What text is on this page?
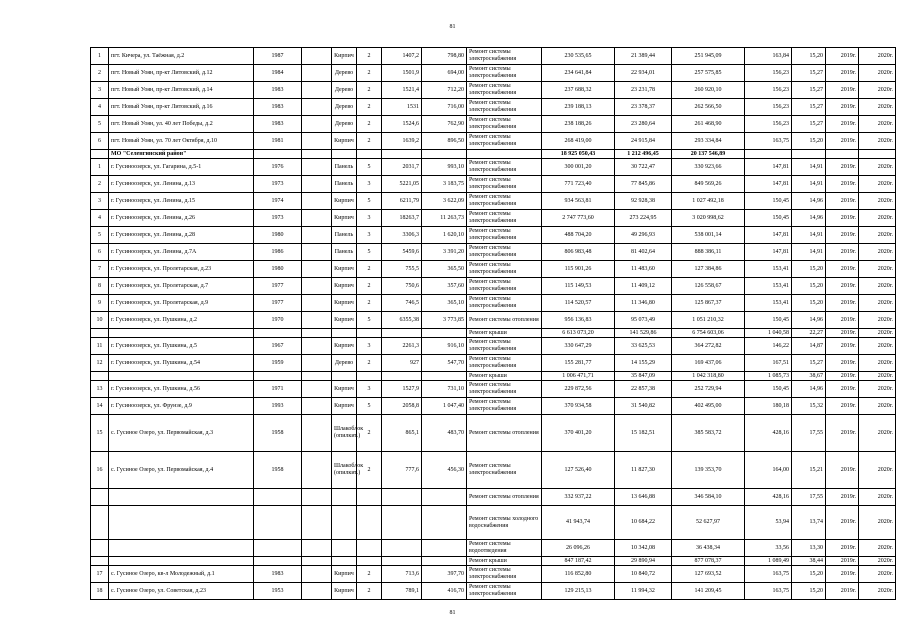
81
1	пгт. Кичера, ул. Таёжная, д.2	1987		Кирпич	2	1407,2	798,80	Ремонт системы электроснабжения	230 535,65	21 389,44	251 945,09	163,84	15,20	2019г.	2020г.
2	пгт. Новый Уоян, пр-кт Литовский, д.12	1984		Дерево	2	1501,9	694,00	Ремонт системы электроснабжения	234 641,84	22 934,01	257 575,85	156,23	15,27	2019г.	2020г.
3	пгт. Новый Уоян, пр-кт Литовский, д.14	1983		Дерево	2	1521,4	712,20	Ремонт системы электроснабжения	237 688,32	23 231,78	260 920,10	156,23	15,27	2019г.	2020г.
4	пгт. Новый Уоян, пр-кт Литовский, д.16	1983		Дерево	2	1531	716,00	Ремонт системы электроснабжения	239 188,13	23 378,37	262 566,50	156,23	15,27	2019г.	2020г.
5	пгт. Новый Уоян, ул. 40 лет Победы, д.2	1983		Дерево	2	1524,6	762,90	Ремонт системы электроснабжения	238 188,26	23 280,64	261 468,90	156,23	15,27	2019г.	2020г.
6	пгт. Новый Уоян, ул. 70 лет Октября, д.10	1981		Кирпич	2	1639,2	896,50	Ремонт системы электроснабжения	268 419,00	24 915,84	293 334,84	163,75	15,20	2019г.	2020г.
	МО "Селенгинский район"								18 925 050,43	1 212 496,45	20 137 546,89				
1	г. Гусиноозерск, ул. Гагарина, д.5-1	1976		Панель	5	2031,7	993,10	Ремонт системы электроснабжения	300 001,20	30 722,47	330 923,66	147,81	14,91	2019г.	2020г.
2	г. Гусиноозерск, ул. Ленина, д.13	1973		Панель	3	5221,05	3 183,75	Ремонт системы электроснабжения	771 723,40	77 845,86	849 569,26	147,81	14,91	2019г.	2020г.
3	г. Гусиноозерск, ул. Ленина, д.15	1974		Кирпич	5	6211,79	3 622,09	Ремонт системы электроснабжения	934 563,81	92 928,38	1 027 492,18	150,45	14,96	2019г.	2020г.
4	г. Гусиноозерск, ул. Ленина, д.26	1973		Кирпич	3	18263,7	11 263,73	Ремонт системы электроснабжения	2 747 773,60	273 224,95	3 020 998,62	150,45	14,96	2019г.	2020г.
5	г. Гусиноозерск, ул. Ленина, д.28	1980		Панель	3	3306,3	1 620,10	Ремонт системы электроснабжения	488 704,20	49 296,93	538 001,14	147,81	14,91	2019г.	2020г.
6	г. Гусиноозерск, ул. Ленина, д.7А	1986		Панель	5	5459,6	3 391,20	Ремонт системы электроснабжения	806 983,48	81 402,64	888 386,11	147,81	14,91	2019г.	2020г.
7	г. Гусиноозерск, ул. Пролетарская, д.23	1980		Кирпич	2	755,5	365,50	Ремонт системы электроснабжения	115 901,26	11 483,60	127 384,86	153,41	15,20	2019г.	2020г.
8	г. Гусиноозерск, ул. Пролетарская, д.7	1977		Кирпич	2	750,6	357,60	Ремонт системы электроснабжения	115 149,53	11 409,12	126 558,67	153,41	15,20	2019г.	2020г.
9	г. Гусиноозерск, ул. Пролетарская, д.9	1977		Кирпич	2	746,5	365,10	Ремонт системы электроснабжения	114 520,57	11 346,80	125 867,37	153,41	15,20	2019г.	2020г.
10	г. Гусиноозерск, ул. Пушкина, д.2	1970		Кирпич	5	6355,38	3 773,85	Ремонт системы отопления	956 136,83	95 073,49	1 051 210,32	150,45	14,96	2019г.	2020г.
								Ремонт крыши	6 613 073,20	141 529,86	6 754 603,06	1 040,58	22,27	2019г.	2020г.
11	г. Гусиноозерск, ул. Пушкина, д.5	1967		Кирпич	3	2261,3	916,10	Ремонт системы электроснабжения	330 647,29	33 625,53	364 272,82	146,22	14,87	2019г.	2020г.
12	г. Гусиноозерск, ул. Пушкина, д.54	1959		Дерево	2	927	547,70	Ремонт системы электроснабжения	155 281,77	14 155,29	169 437,06	167,51	15,27	2019г.	2020г.
								Ремонт крыши	1 006 471,71	35 847,09	1 042 318,80	1 085,73	38,67	2019г.	2020г.
13	г. Гусиноозерск, ул. Пушкина, д.56	1971		Кирпич	3	1527,9	731,10	Ремонт системы электроснабжения	229 872,56	22 857,38	252 729,94	150,45	14,96	2019г.	2020г.
14	г. Гусиноозерск, ул. Фрунзе, д.9	1993		Кирпич	5	2058,8	1 047,40	Ремонт системы электроснабжения	370 934,58	31 540,82	402 495,00	180,18	15,32	2019г.	2020г.
15	с. Гусиное Озеро, ул. Первомайская, д.3	1958		Шлакоблок (опилкит.)	2	865,1	483,70	Ремонт системы отопления	370 401,20	15 182,51	385 583,72	428,16	17,55	2019г.	2020г.
16	с. Гусиное Озеро, ул. Первомайская, д.4	1958		Шлакоблок (опилкит.)	2	777,6	456,30	Ремонт системы электроснабжения	127 526,40	11 827,30	139 353,70	164,00	15,21	2019г.	2020г.
								Ремонт системы отопления	332 937,22	13 646,88	346 584,10	428,16	17,55	2019г.	2020г.
								Ремонт системы холодного водоснабжения	41 943,74	10 684,22	52 627,97	53,94	13,74	2019г.	2020г.
								Ремонт системы водоотведения	26 096,26	10 342,08	36 438,34	33,56	13,30	2019г.	2020г.
								Ремонт крыши	847 187,42	29 890,94	877 078,37	1 089,49	38,44	2019г.	2020г.
17	с. Гусиное Озеро, кв-л Молодежный, д.1	1983		Кирпич	2	713,6	397,70	Ремонт системы электроснабжения	116 852,80	10 840,72	127 693,52	163,75	15,20	2019г.	2020г.
18	с. Гусиное Озеро, ул. Советская, д.23	1953		Кирпич	2	789,1	416,70	Ремонт системы электроснабжения	129 215,13	11 994,32	141 209,45	163,75	15,20	2019г.	2020г.
81
